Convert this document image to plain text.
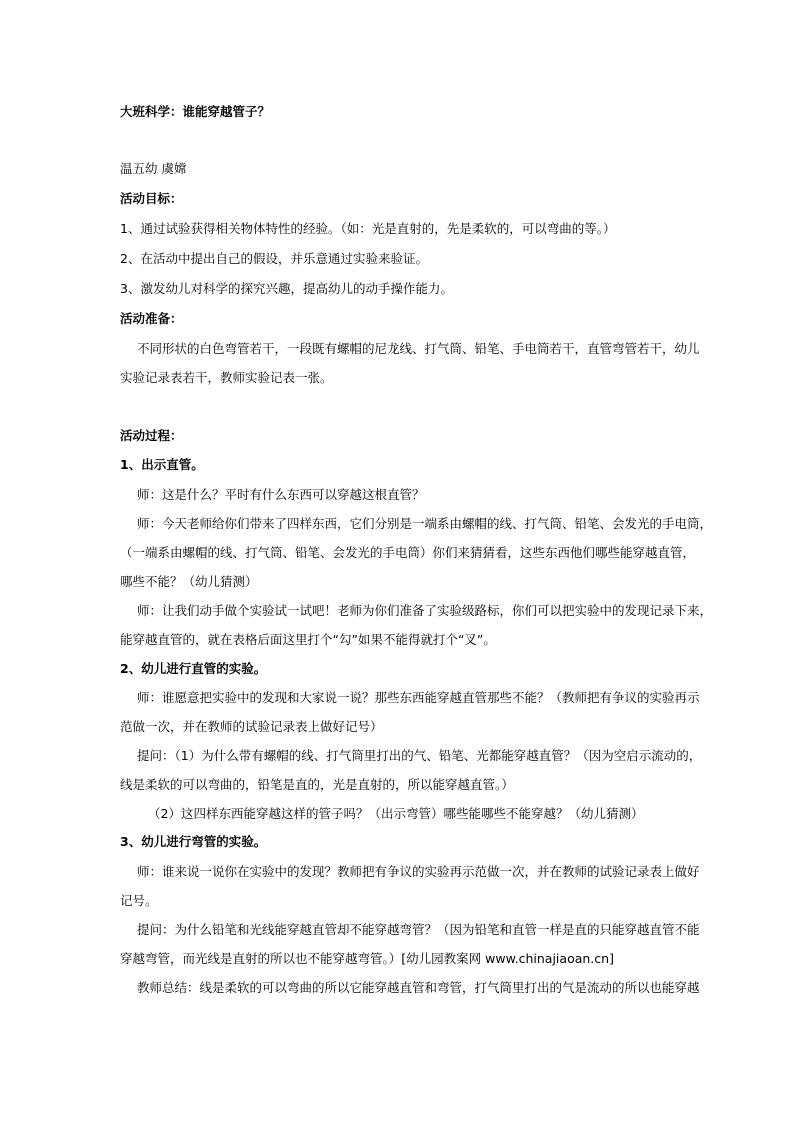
大班科学：谁能穿越管子？

温五幼 虞嫦

活动目标：

1、通过试验获得相关物体特性的经验。（如：光是直射的，先是柔软的，可以弯曲的等。）

2、在活动中提出自己的假设，并乐意通过实验来验证。

3、激发幼儿对科学的探究兴趣，提高幼儿的动手操作能力。

活动准备：

不同形状的白色弯管若干，一段既有螺帽的尼龙线、打气筒、铅笔、手电筒若干，直管弯管若干，幼儿

实验记录表若干，教师实验记表一张。

活动过程：

1、出示直管。

师：这是什么？平时有什么东西可以穿越这根直管？

师：今天老师给你们带来了四样东西，它们分别是一端系由螺帽的线、打气筒、铅笔、会发光的手电筒，

（一端系由螺帽的线、打气筒、铅笔、会发光的手电筒）你们来猜猜看，这些东西他们哪些能穿越直管，

哪些不能？（幼儿猜测）

师：让我们动手做个实验试一试吧！老师为你们准备了实验级路标，你们可以把实验中的发现记录下来，

能穿越直管的，就在表格后面这里打个“勾”如果不能得就打个“叉”。

2、幼儿进行直管的实验。

师：谁愿意把实验中的发现和大家说一说？那些东西能穿越直管那些不能？（教师把有争议的实验再示

范做一次，并在教师的试验记录表上做好记号）

提问：（1）为什么带有螺帽的线、打气筒里打出的气、铅笔、光都能穿越直管？（因为空启示流动的，

线是柔软的可以弯曲的，铅笔是直的，光是直射的，所以能穿越直管。）

（2）这四样东西能穿越这样的管子吗？（出示弯管）哪些能哪些不能穿越？（幼儿猜测）

3、幼儿进行弯管的实验。

师：谁来说一说你在实验中的发现？教师把有争议的实验再示范做一次，并在教师的试验记录表上做好

记号。

提问：为什么铅笔和光线能穿越直管却不能穿越弯管？（因为铅笔和直管一样是直的只能穿越直管不能

穿越弯管，而光线是直射的所以也不能穿越弯管。）[幼儿园教案网 www.chinajiaoan.cn]

教师总结：线是柔软的可以弯曲的所以它能穿越直管和弯管，打气筒里打出的气是流动的所以也能穿越
